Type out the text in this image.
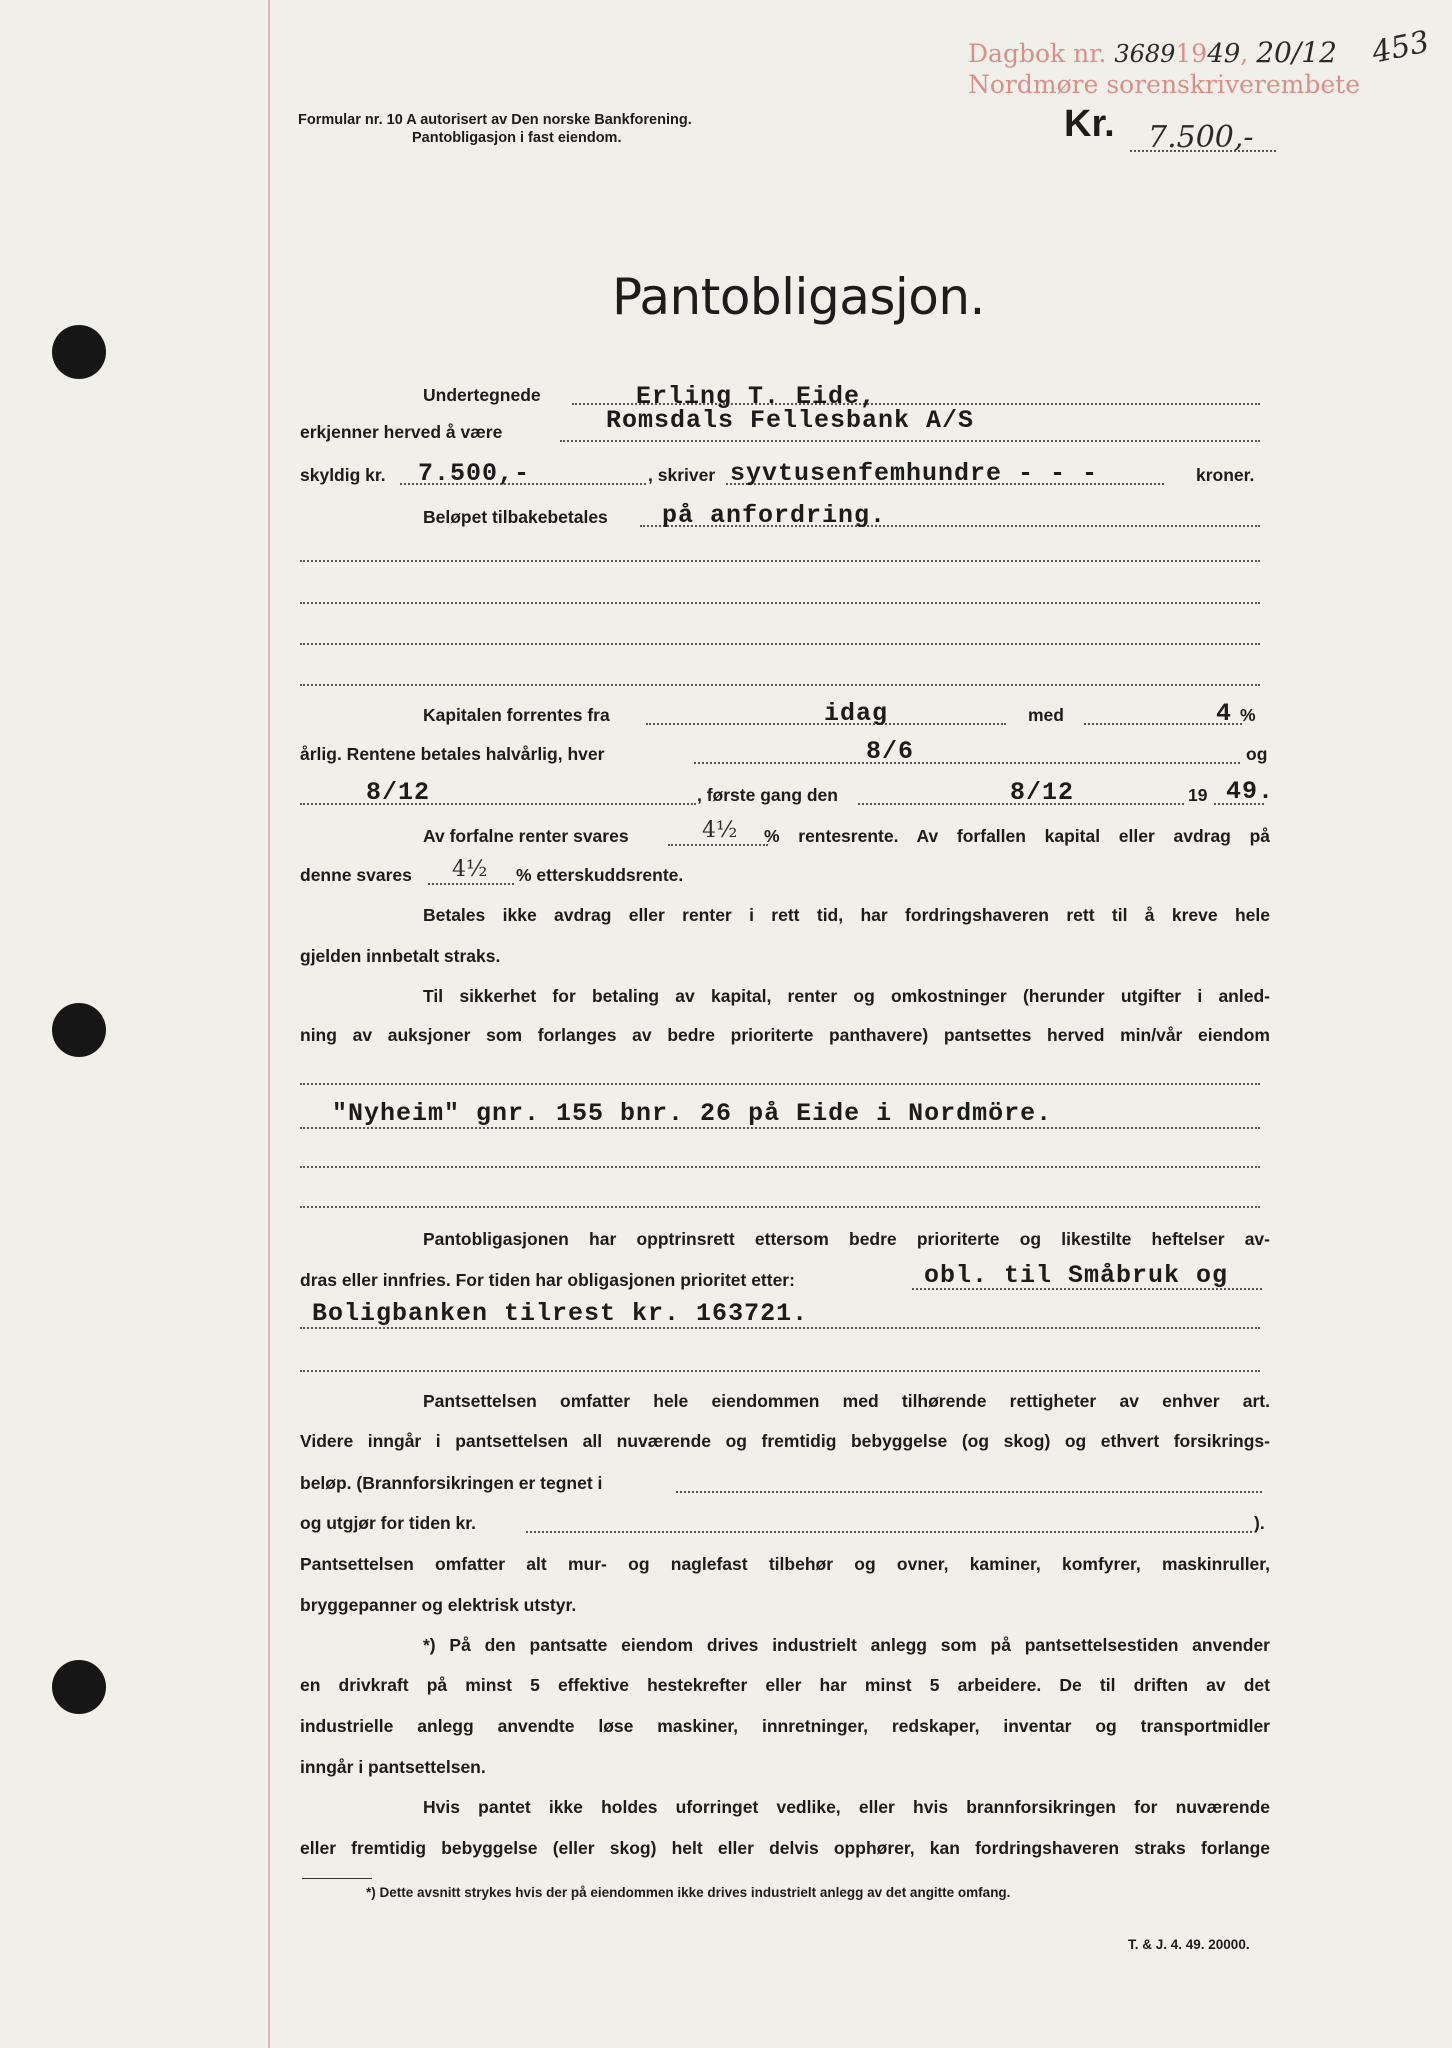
Dagbok nr. 36891949, 20/12
Nordmøre sorenskriverembete
453
Formular nr. 10 A autorisert av Den norske Bankforening.
Pantobligasjon i fast eiendom.	Kr. 7.500,-
Pantobligasjon.
Undertegnede	Erling T. Eide,
erkjenner herved å være	Romsdals Fellesbank A/S
skyldig kr. 7.500,-	, skriver syvtusenfemhundre - - -	kroner.
Beløpet tilbakebetales på anfordring.
Kapitalen forrentes fra	idag	med	4 %
årlig. Rentene betales halvårlig, hver	8/6	og
8/12	, første gang den	8/12	19 49.
Av forfalne renter svares	4½ % rentesrente. Av forfallen kapital eller avdrag på
denne svares 4½ % etterskuddsrente.
Betales ikke avdrag eller renter i rett tid, har fordringshaveren rett til å kreve hele
gjelden innbetalt straks.
Til sikkerhet for betaling av kapital, renter og omkostninger (herunder utgifter i anled-
ning av auksjoner som forlanges av bedre prioriterte panthavere) pantsettes herved min/vår eiendom
"Nyheim" gnr. 155 bnr. 26 på Eide i Nordmöre.
Pantobligasjonen har opptrinsrett ettersom bedre prioriterte og likestilte heftelser av-
dras eller innfries. For tiden har obligasjonen prioritet etter:	obl. til Småbruk og
Boligbanken tilrest kr. 163721.
Pantsettelsen omfatter hele eiendommen med tilhørende rettigheter av enhver art.
Videre inngår i pantsettelsen all nuværende og fremtidig bebyggelse (og skog) og ethvert forsikrings-
beløp. (Brannforsikringen er tegnet i
og utgjør for tiden kr.	).
Pantsettelsen omfatter alt mur- og naglefast tilbehør og ovner, kaminer, komfyrer, maskinruller,
bryggepanner og elektrisk utstyr.
*) På den pantsatte eiendom drives industrielt anlegg som på pantsettelsestiden anvender
en drivkraft på minst 5 effektive hestekrefter eller har minst 5 arbeidere. De til driften av det
industrielle anlegg anvendte løse maskiner, innretninger, redskaper, inventar og transportmidler
inngår i pantsettelsen.
Hvis pantet ikke holdes uforringet vedlike, eller hvis brannforsikringen for nuværende
eller fremtidig bebyggelse (eller skog) helt eller delvis opphører, kan fordringshaveren straks forlange
*) Dette avsnitt strykes hvis der på eiendommen ikke drives industrielt anlegg av det angitte omfang.
T. & J. 4. 49. 20000.
